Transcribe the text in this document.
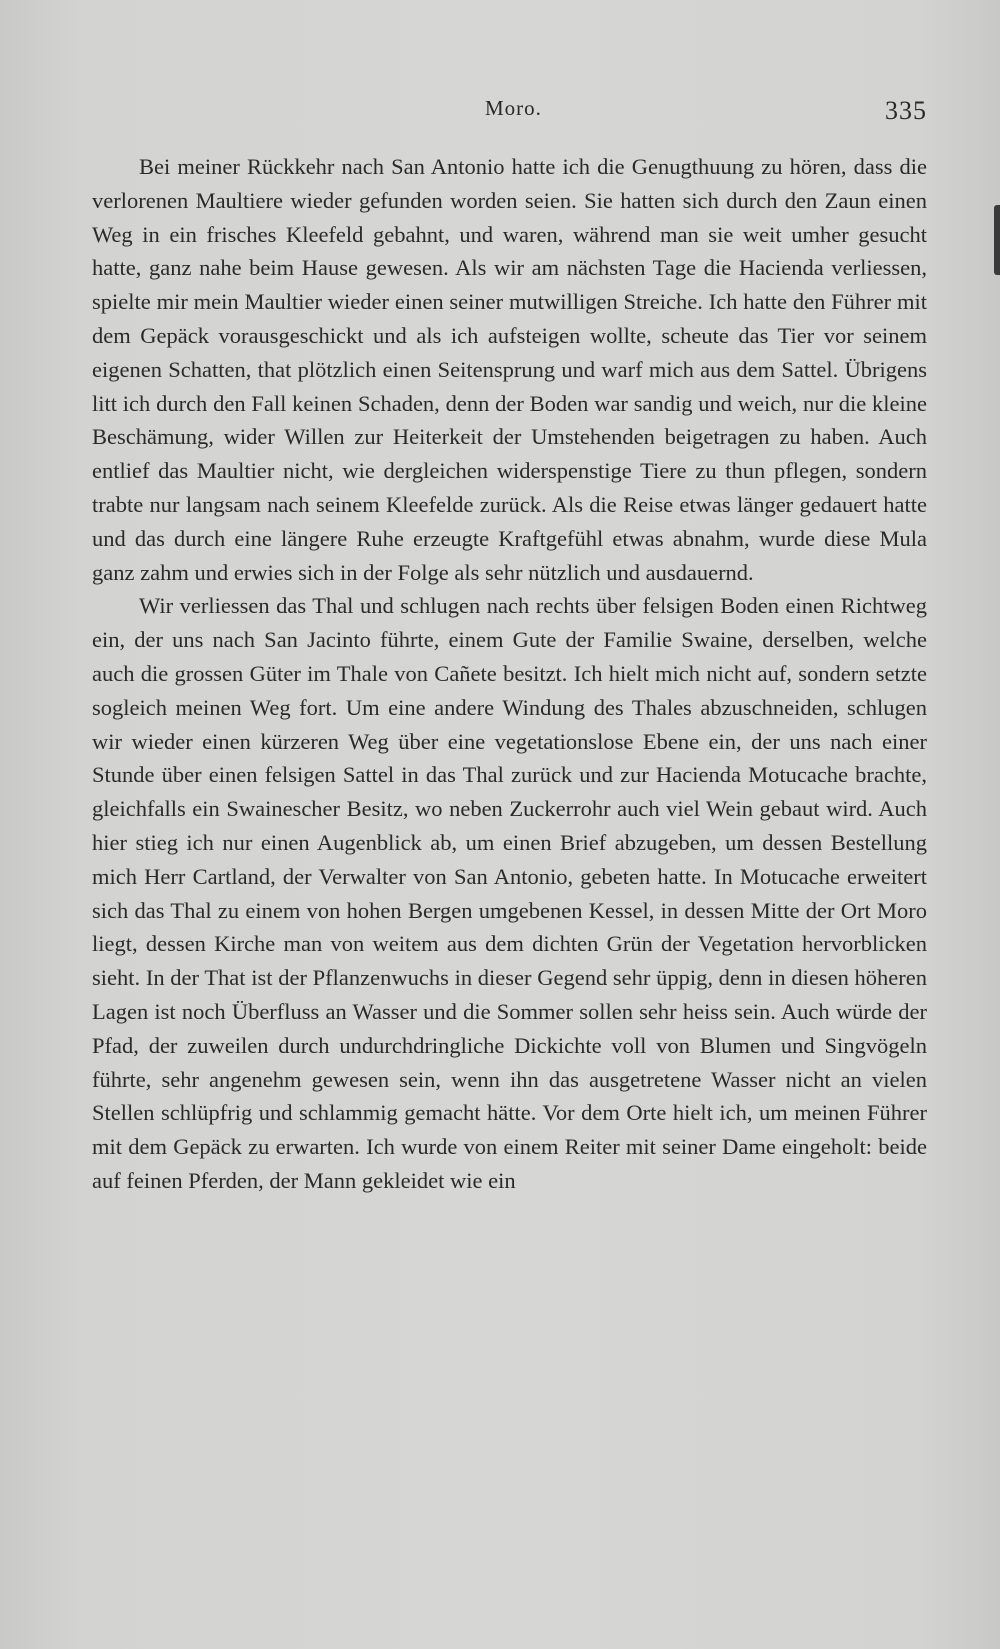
Moro.	335

Bei meiner Rückkehr nach San Antonio hatte ich die Genugthuung zu hören, dass die verlorenen Maultiere wieder gefunden worden seien. Sie hatten sich durch den Zaun einen Weg in ein frisches Kleefeld gebahnt, und waren, während man sie weit umher gesucht hatte, ganz nahe beim Hause gewesen. Als wir am nächsten Tage die Hacienda verliessen, spielte mir mein Maultier wieder einen seiner mutwilligen Streiche. Ich hatte den Führer mit dem Gepäck vorausgeschickt und als ich aufsteigen wollte, scheute das Tier vor seinem eigenen Schatten, that plötzlich einen Seitensprung und warf mich aus dem Sattel. Übrigens litt ich durch den Fall keinen Schaden, denn der Boden war sandig und weich, nur die kleine Beschämung, wider Willen zur Heiterkeit der Umstehenden beigetragen zu haben. Auch entlief das Maultier nicht, wie dergleichen widerspenstige Tiere zu thun pflegen, sondern trabte nur langsam nach seinem Kleefelde zurück. Als die Reise etwas länger gedauert hatte und das durch eine längere Ruhe erzeugte Kraftgefühl etwas abnahm, wurde diese Mula ganz zahm und erwies sich in der Folge als sehr nützlich und ausdauernd.

Wir verliessen das Thal und schlugen nach rechts über felsigen Boden einen Richtweg ein, der uns nach San Jacinto führte, einem Gute der Familie Swaine, derselben, welche auch die grossen Güter im Thale von Cañete besitzt. Ich hielt mich nicht auf, sondern setzte sogleich meinen Weg fort. Um eine andere Windung des Thales abzuschneiden, schlugen wir wieder einen kürzeren Weg über eine vegetationslose Ebene ein, der uns nach einer Stunde über einen felsigen Sattel in das Thal zurück und zur Hacienda Motucache brachte, gleichfalls ein Swainescher Besitz, wo neben Zuckerrohr auch viel Wein gebaut wird. Auch hier stieg ich nur einen Augenblick ab, um einen Brief abzugeben, um dessen Bestellung mich Herr Cartland, der Verwalter von San Antonio, gebeten hatte. In Motucache erweitert sich das Thal zu einem von hohen Bergen umgebenen Kessel, in dessen Mitte der Ort Moro liegt, dessen Kirche man von weitem aus dem dichten Grün der Vegetation hervorblicken sieht. In der That ist der Pflanzenwuchs in dieser Gegend sehr üppig, denn in diesen höheren Lagen ist noch Überfluss an Wasser und die Sommer sollen sehr heiss sein. Auch würde der Pfad, der zuweilen durch undurchdringliche Dickichte voll von Blumen und Singvögeln führte, sehr angenehm gewesen sein, wenn ihn das ausgetretene Wasser nicht an vielen Stellen schlüpfrig und schlammig gemacht hätte. Vor dem Orte hielt ich, um meinen Führer mit dem Gepäck zu erwarten. Ich wurde von einem Reiter mit seiner Dame eingeholt: beide auf feinen Pferden, der Mann gekleidet wie ein
